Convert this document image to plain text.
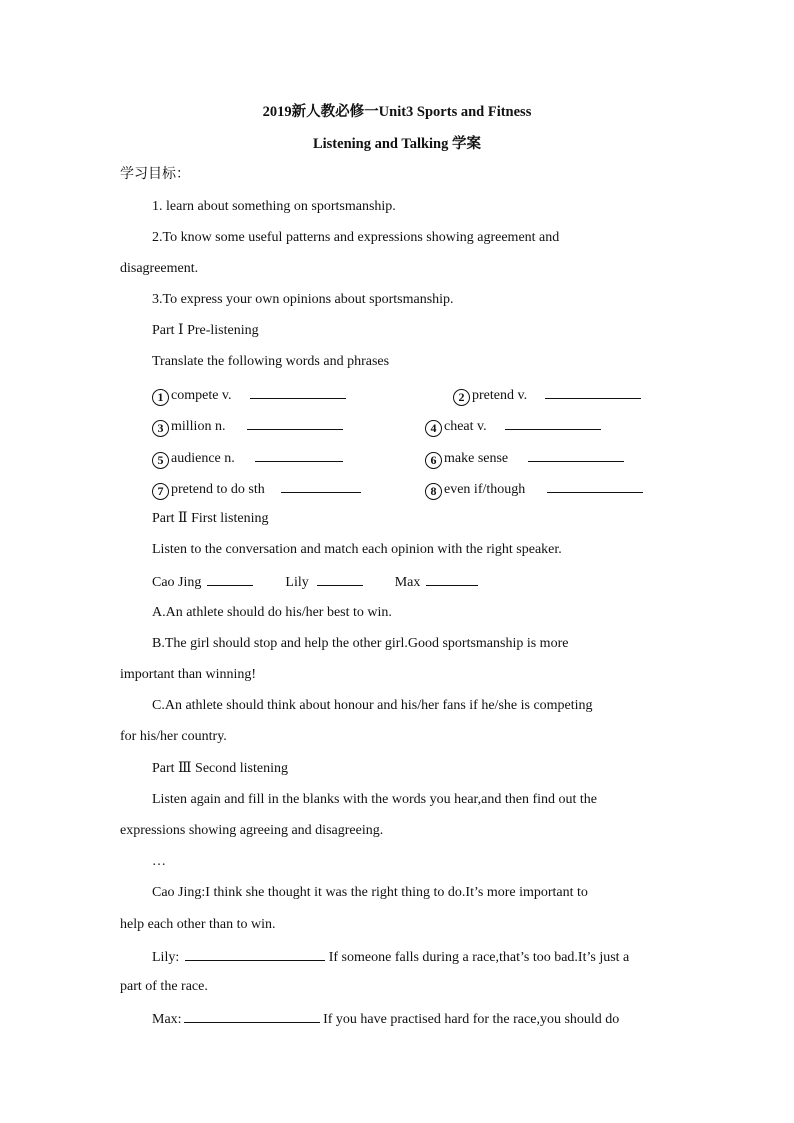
2019新人教必修一Unit3 Sports and Fitness
Listening and Talking 学案
学习目标：
1. learn about something on sportsmanship.
2.To know some useful patterns and expressions showing agreement and
disagreement.
3.To express your own opinions about sportsmanship.
Part Ⅰ Pre-listening
Translate the following words and phrases
1 compete v.	2 pretend v.
3 million n.	4 cheat v.
5 audience n.	6 make sense
7 pretend to do sth	8 even if/though
Part Ⅱ First listening
Listen to the conversation and match each opinion with the right speaker.
Cao Jing	Lily	Max
A.An athlete should do his/her best to win.
B.The girl should stop and help the other girl.Good sportsmanship is more
important than winning!
C.An athlete should think about honour and his/her fans if he/she is competing
for his/her country.
Part Ⅲ Second listening
Listen again and fill in the blanks with the words you hear,and then find out the
expressions showing agreeing and disagreeing.
…
Cao Jing:I think she thought it was the right thing to do.It’s more important to
help each other than to win.
Lily:	If someone falls during a race,that’s too bad.It’s just a
part of the race.
Max:	If you have practised hard for the race,you should do
